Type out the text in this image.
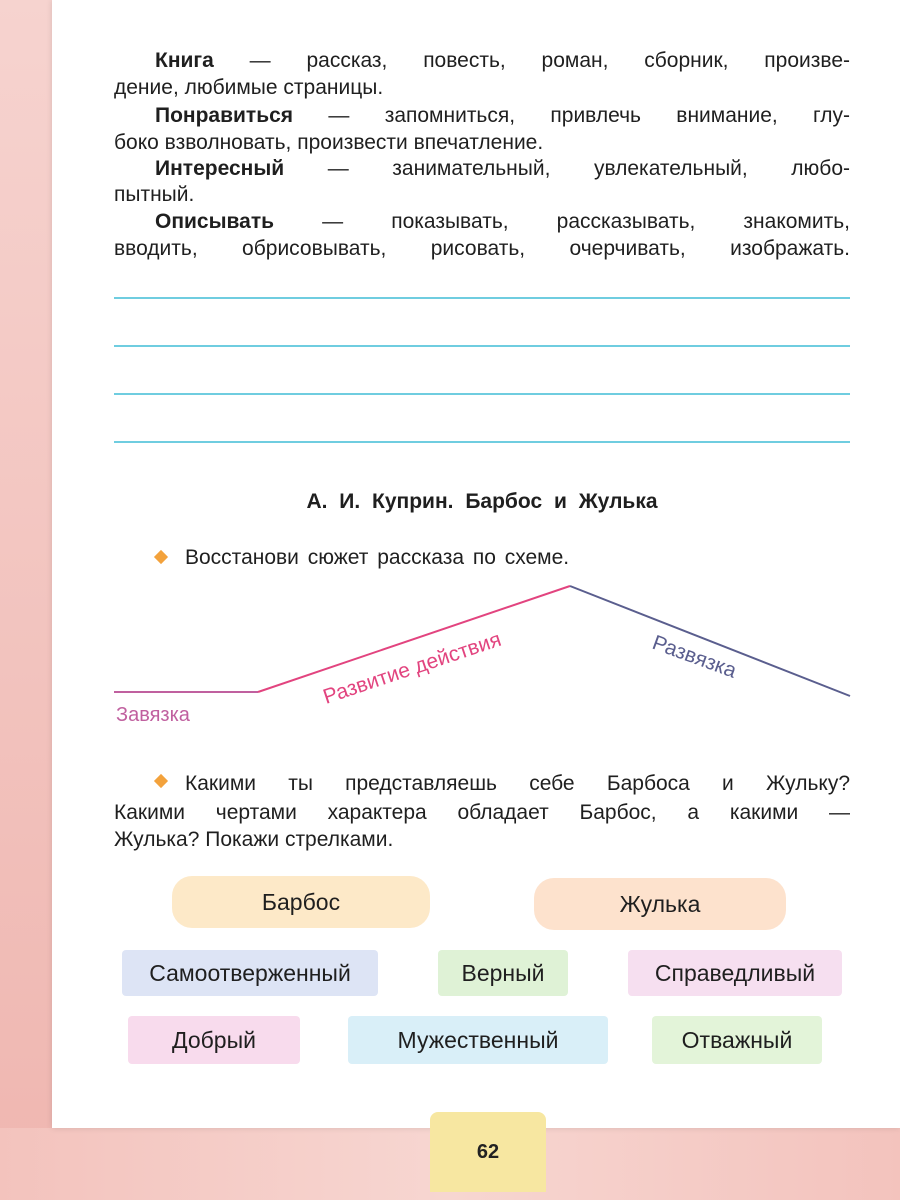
Книга — рассказ, повесть, роман, сборник, произве-
дение, любимые страницы.
Понравиться — запомниться, привлечь внимание, глу-
боко взволновать, произвести впечатление.
Интересный — занимательный, увлекательный, любо-
пытный.
Описывать — показывать, рассказывать, знакомить,
вводить, обрисовывать, рисовать, очерчивать, изображать.
А. И. Куприн. Барбос и Жулька
Восстанови сюжет рассказа по схеме.
Завязка
Развитие действия	Развязка
Какими ты представляешь себе Барбоса и Жульку?
Какими чертами характера обладает Барбос, а какими —
Жулька? Покажи стрелками.
Барбос	Жулька
Самоотверженный	Верный	Справедливый
Добрый	Мужественный	Отважный
62
